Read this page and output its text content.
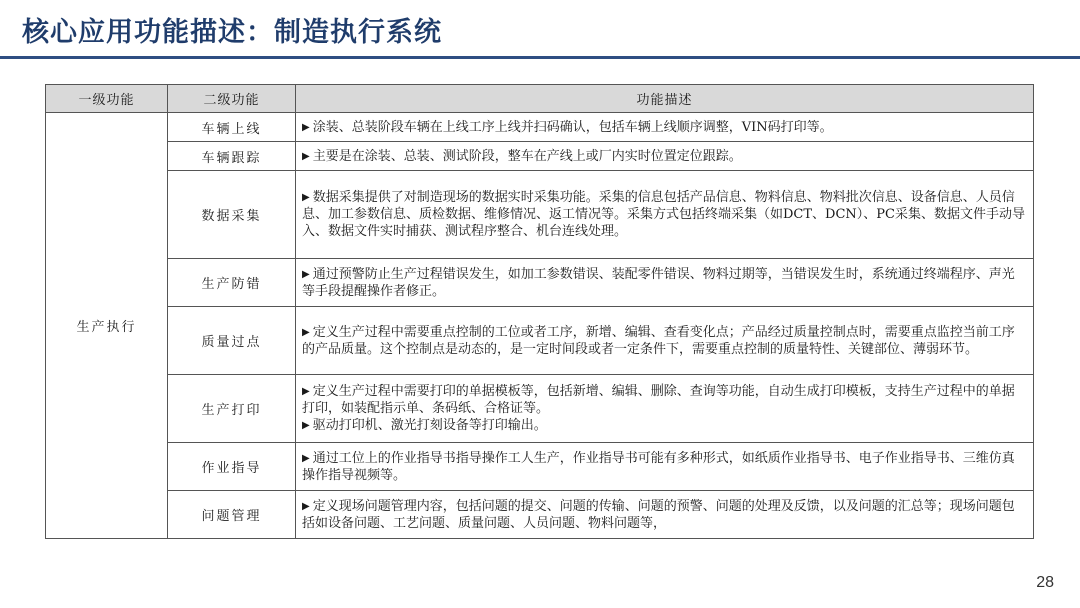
核心应用功能描述：制造执行系统
一级功能	二级功能	功能描述
生产执行	车辆上线	▶ 涂装、总装阶段车辆在上线工序上线并扫码确认，包括车辆上线顺序调整，VIN码打印等。

	车辆跟踪	▶ 主要是在涂装、总装、测试阶段，整车在产线上或厂内实时位置定位跟踪。

	数据采集	▶ 数据采集提供了对制造现场的数据实时采集功能。采集的信息包括产品信息、物料信息、物料批次信息、设备信息、人员信息、加工参数信息、质检数据、维修情况、返工情况等。采集方式包括终端采集（如DCT、DCN）、PC采集、数据文件手动导入、数据文件实时捕获、测试程序整合、机台连线处理。

	生产防错	▶ 通过预警防止生产过程错误发生，如加工参数错误、装配零件错误、物料过期等，当错误发生时，系统通过终端程序、声光等手段提醒操作者修正。

	质量过点	▶ 定义生产过程中需要重点控制的工位或者工序，新增、编辑、查看变化点；产品经过质量控制点时，需要重点监控当前工序的产品质量。这个控制点是动态的，是一定时间段或者一定条件下，需要重点控制的质量特性、关键部位、薄弱环节。

	生产打印	▶ 定义生产过程中需要打印的单据模板等，包括新增、编辑、删除、查询等功能，自动生成打印模板，支持生产过程中的单据打印，如装配指示单、条码纸、合格证等。
▶ 驱动打印机、激光打刻设备等打印输出。

	作业指导	▶ 通过工位上的作业指导书指导操作工人生产，作业指导书可能有多种形式，如纸质作业指导书、电子作业指导书、三维仿真操作指导视频等。

	问题管理	▶ 定义现场问题管理内容，包括问题的提交、问题的传输、问题的预警、问题的处理及反馈，以及问题的汇总等；现场问题包括如设备问题、工艺问题、质量问题、人员问题、物料问题等，
28
